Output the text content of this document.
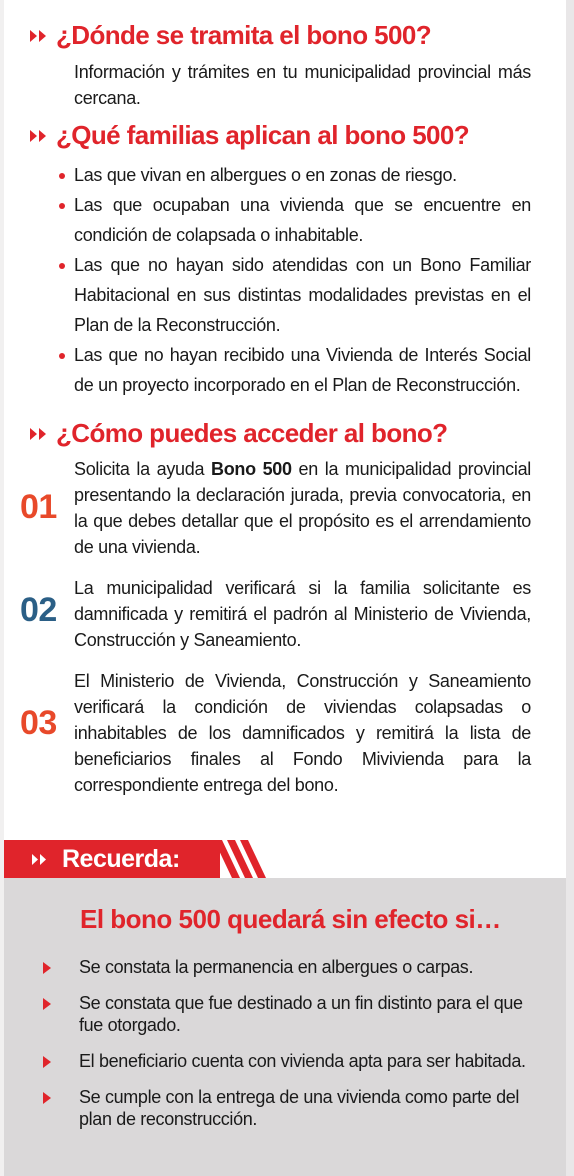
¿Dónde se tramita el bono 500?

Información y trámites en tu municipalidad provincial más cercana.

¿Qué familias aplican al bono 500?
Las que vivan en albergues o en zonas de riesgo.
Las que ocupaban una vivienda que se encuentre en condición de colapsada o inhabitable.
Las que no hayan sido atendidas con un Bono Familiar Habitacional en sus distintas modalidades previstas en el Plan de la Reconstrucción.
Las que no hayan recibido una Vivienda de Interés Social de un proyecto incorporado en el Plan de Reconstrucción.
¿Cómo puedes acceder al bono?
01

Solicita la ayuda Bono 500 en la municipalidad provincial presentando la declaración jurada, previa convocatoria, en la que debes detallar que el propósito es el arrendamiento de una vivienda.

02

La municipalidad verificará si la familia solicitante es damnificada y remitirá el padrón al Ministerio de Vivienda, Construcción y Saneamiento.

03

El Ministerio de Vivienda, Construcción y Saneamiento verificará la condición de viviendas colapsadas o inhabitables de los damnificados y remitirá la lista de beneficiarios finales al Fondo Mivivienda para la correspondiente entrega del bono.

Recuerda:
El bono 500 quedará sin efecto si…
Se constata la permanencia en albergues o carpas.
Se constata que fue destinado a un fin distinto para el que fue otorgado.
El beneficiario cuenta con vivienda apta para ser habitada.
Se cumple con la entrega de una vivienda como parte del plan de reconstrucción.
